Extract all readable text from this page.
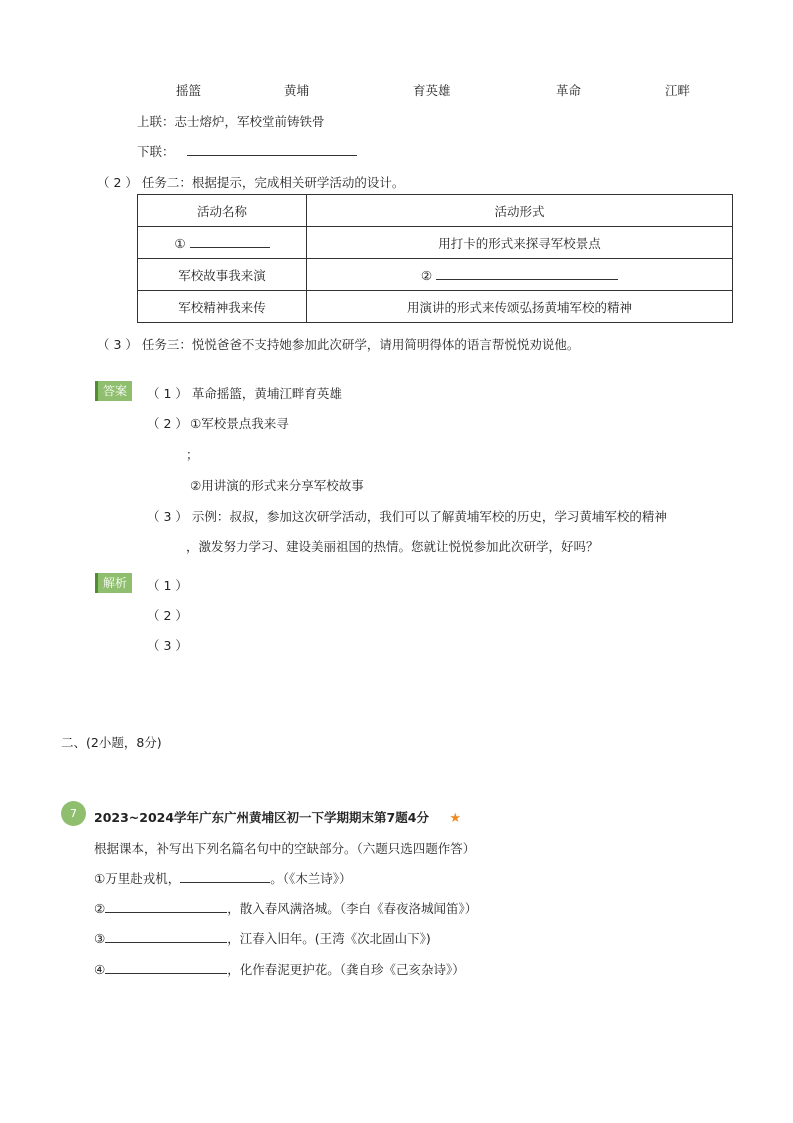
摇篮	黄埔	育英雄	革命	江畔
上联：志士熔炉，军校堂前铸铁骨
下联：
（ 2 ） 任务二：根据提示，完成相关研学活动的设计。
活动名称	活动形式
①	用打卡的形式来探寻军校景点
军校故事我来演	②
军校精神我来传	用演讲的形式来传颂弘扬黄埔军校的精神
（ 3 ） 任务三：悦悦爸爸不支持她参加此次研学，请用简明得体的语言帮悦悦劝说他。
答案	（ 1 ） 革命摇篮，黄埔江畔育英雄
（ 2 ） ①军校景点我来寻
；
②用讲演的形式来分享军校故事
（ 3 ） 示例：叔叔，参加这次研学活动，我们可以了解黄埔军校的历史，学习黄埔军校的精神
，激发努力学习、建设美丽祖国的热情。您就让悦悦参加此次研学，好吗？
解析	（ 1 ）
（ 2 ）
（ 3 ）
二、(2小题，8分)
7	2023~2024学年广东广州黄埔区初一下学期期末第7题4分 ★
根据课本，补写出下列名篇名句中的空缺部分。（六题只选四题作答）
①万里赴戎机，	。（《木兰诗》）
②	，散入春风满洛城。（李白《春夜洛城闻笛》）
③	，江春入旧年。(王湾《次北固山下》)
④	，化作春泥更护花。（龚自珍《己亥杂诗》）
